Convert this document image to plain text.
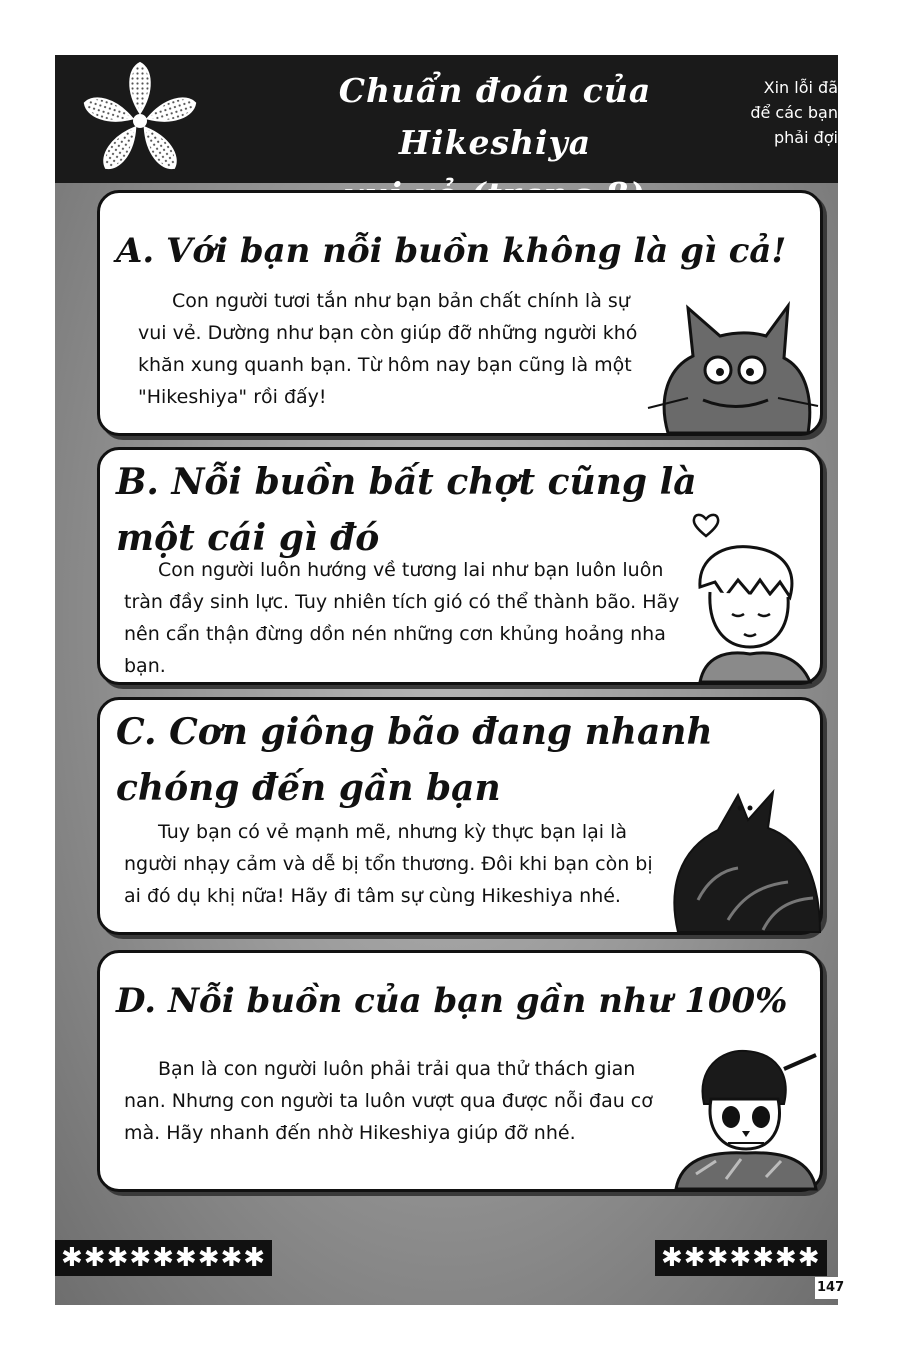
Chuẩn đoán của Hikeshiya
Xin lỗi đã
để các bạn
phải đợi
A. Với bạn nỗi buồn không là gì cả!
Con người tươi tắn như bạn bản chất chính là sự vui vẻ. Dường như bạn còn giúp đỡ những người khó khăn xung quanh bạn. Từ hôm nay bạn cũng là một "Hikeshiya" rồi đấy!
B. Nỗi buồn bất chợt cũng là
một cái gì đó
Con người luôn hướng về tương lai như bạn luôn luôn tràn đầy sinh lực. Tuy nhiên tích gió có thể thành bão. Hãy nên cẩn thận đừng dồn nén những cơn khủng hoảng nha bạn.
C. Cơn giông bão đang nhanh
chóng đến gần bạn
Tuy bạn có vẻ mạnh mẽ, nhưng kỳ thực bạn lại là người nhạy cảm và dễ bị tổn thương. Đôi khi bạn còn bị ai đó dụ khị nữa! Hãy đi tâm sự cùng Hikeshiya nhé.
D. Nỗi buồn của bạn gần như 100%
Bạn là con người luôn phải trải qua thử thách gian nan. Nhưng con người ta luôn vượt qua được nỗi đau cơ mà. Hãy nhanh đến nhờ Hikeshiya giúp đỡ nhé.
✱✱✱✱✱✱✱✱✱	✱✱✱✱✱✱✱
147
